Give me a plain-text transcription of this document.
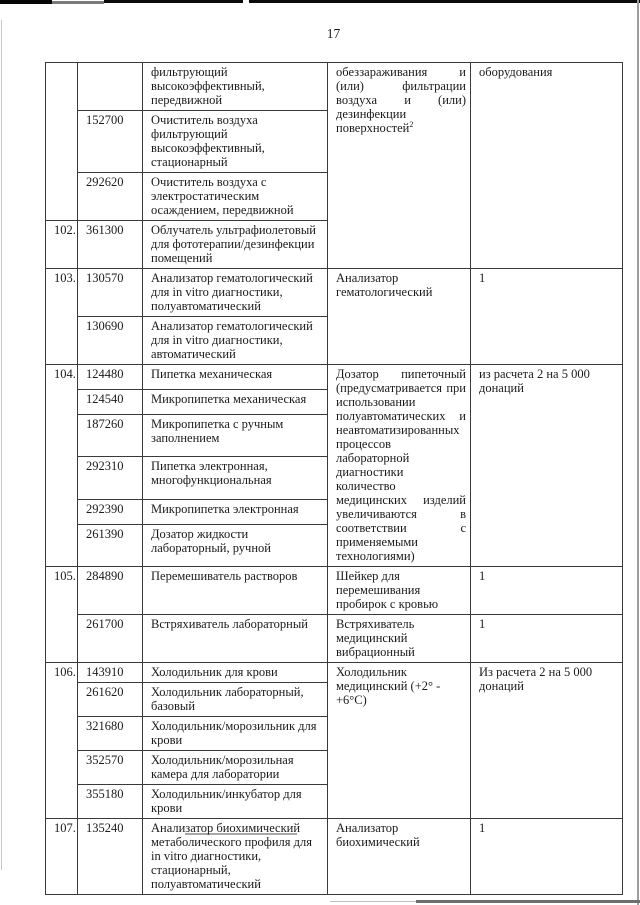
17
		фильтрующий высокоэффективный, передвижной	обеззараживания и (или) фильтрации воздуха и (или) дезинфекции поверхностей$^2$	оборудования
	152700	Очиститель воздуха фильтрующий высокоэффективный, стационарный		
	292620	Очиститель воздуха с электростатическим осаждением, передвижной		
102.	361300	Облучатель ультрафиолетовый для фототерапии/дезинфекции помещений		
103.	130570	Анализатор гематологический для in vitro диагностики, полуавтоматический	Анализатор гематологический	1
	130690	Анализатор гематологический для in vitro диагностики, автоматический		
104.	124480	Пипетка механическая	Дозатор пипеточный (предусматривается при использовании полуавтоматических и неавтоматизированных процессов лабораторной диагностики количество медицинских изделий увеличиваются в соответствии с применяемыми технологиями)	из расчета 2 на 5 000 донаций
	124540	Микропипетка механическая		
	187260	Микропипетка с ручным заполнением		
	292310	Пипетка электронная, многофункциональная		
	292390	Микропипетка электронная		
	261390	Дозатор жидкости лабораторный, ручной		
105.	284890	Перемешиватель растворов	Шейкер для перемешивания пробирок с кровью	1
	261700	Встряхиватель лабораторный	Встряхиватель медицинский вибрационный	1
106.	143910	Холодильник для крови	Холодильник медицинский (+2° - +6°С)	Из расчета 2 на 5 000 донаций
	261620	Холодильник лабораторный, базовый		
	321680	Холодильник/морозильник для крови		
	352570	Холодильник/морозильная камера для лаборатории		
	355180	Холодильник/инкубатор для крови		
107.	135240	Анализатор биохимический метаболического профиля для in vitro диагностики, стационарный, полуавтоматический	Анализатор биохимический	1
